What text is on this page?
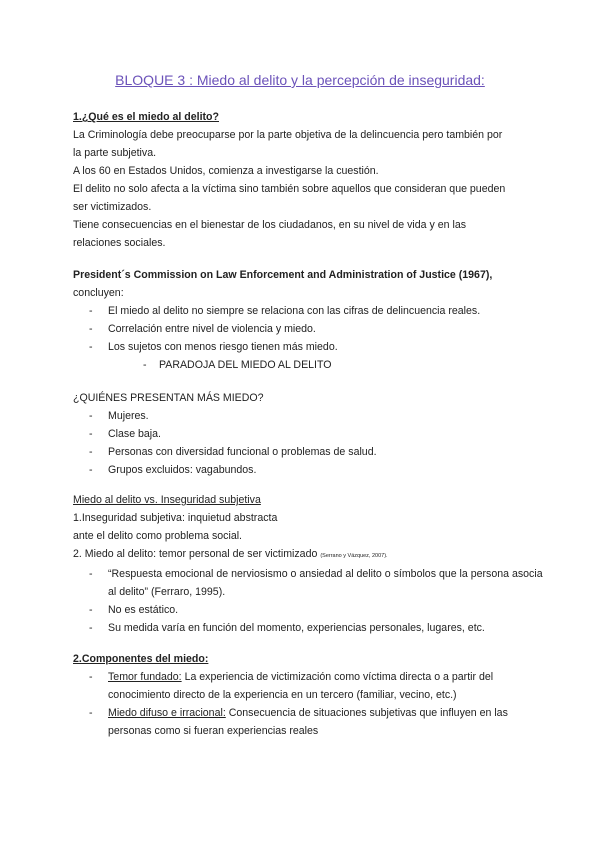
BLOQUE 3 : Miedo al delito y la percepción de inseguridad:

1.¿Qué es el miedo al delito?

La Criminología debe preocuparse por la parte objetiva de la delincuencia pero también por

la parte subjetiva.

A los 60 en Estados Unidos, comienza a investigarse la cuestión.

El delito no solo afecta a la víctima sino también sobre aquellos que consideran que pueden

ser victimizados.

Tiene consecuencias en el bienestar de los ciudadanos, en su nivel de vida y en las

relaciones sociales.

President´s Commission on Law Enforcement and Administration of Justice (1967),

concluyen:

- El miedo al delito no siempre se relaciona con las cifras de delincuencia reales.

- Correlación entre nivel de violencia y miedo.

- Los sujetos con menos riesgo tienen más miedo.

- PARADOJA DEL MIEDO AL DELITO

¿QUIÉNES PRESENTAN MÁS MIEDO?

- Mujeres.

- Clase baja.

- Personas con diversidad funcional o problemas de salud.

- Grupos excluidos: vagabundos.

Miedo al delito vs. Inseguridad subjetiva

1.Inseguridad subjetiva: inquietud abstracta

ante el delito como problema social.

2. Miedo al delito: temor personal de ser victimizado (Serrano y Vázquez, 2007).

- “Respuesta emocional de nerviosismo o ansiedad al delito o símbolos que la persona asocia al delito” (Ferraro, 1995).

- No es estático.

- Su medida varía en función del momento, experiencias personales, lugares, etc.

2.Componentes del miedo:

- Temor fundado: La experiencia de victimización como víctima directa o a partir del conocimiento directo de la experiencia en un tercero (familiar, vecino, etc.)

- Miedo difuso e irracional: Consecuencia de situaciones subjetivas que influyen en las personas como si fueran experiencias reales
